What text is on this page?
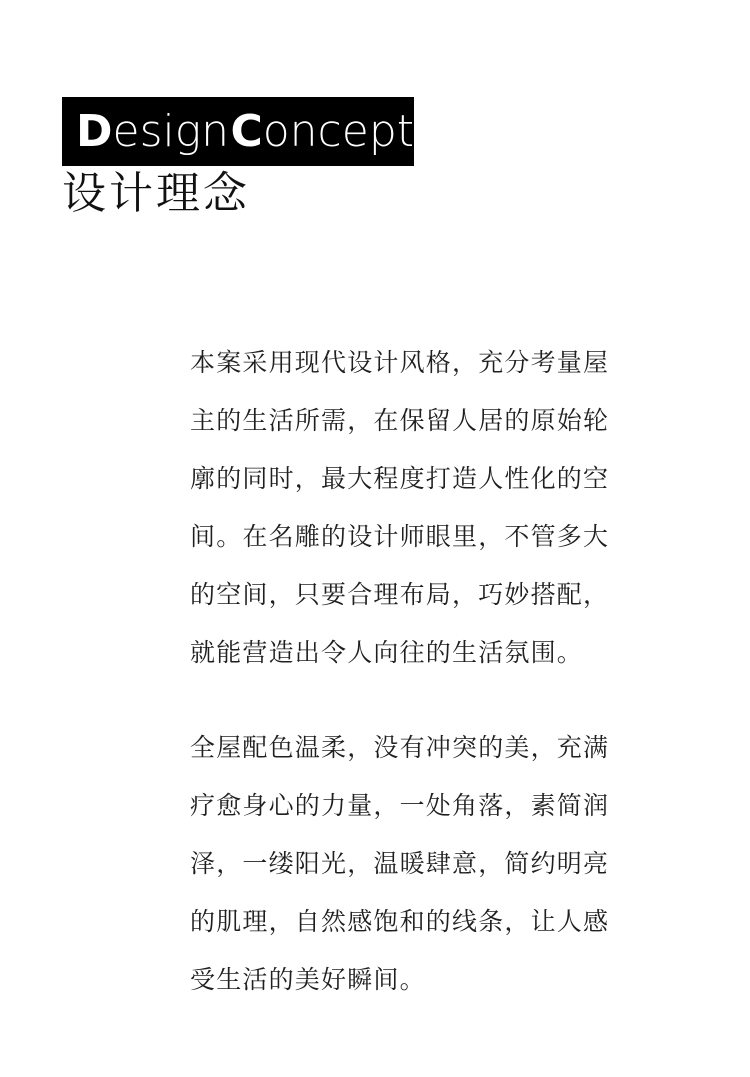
D esign C oncept
设计理念
本案采用现代设计风格，充分考量屋
主的生活所需，在保留人居的原始轮
廓的同时，最大程度打造人性化的空
间。在名雕的设计师眼里，不管多大
的空间，只要合理布局，巧妙搭配，
就能营造出令人向往的生活氛围。
全屋配色温柔，没有冲突的美，充满
疗愈身心的力量，一处角落，素简润
泽，一缕阳光，温暖肆意，简约明亮
的肌理，自然感饱和的线条，让人感
受生活的美好瞬间。
